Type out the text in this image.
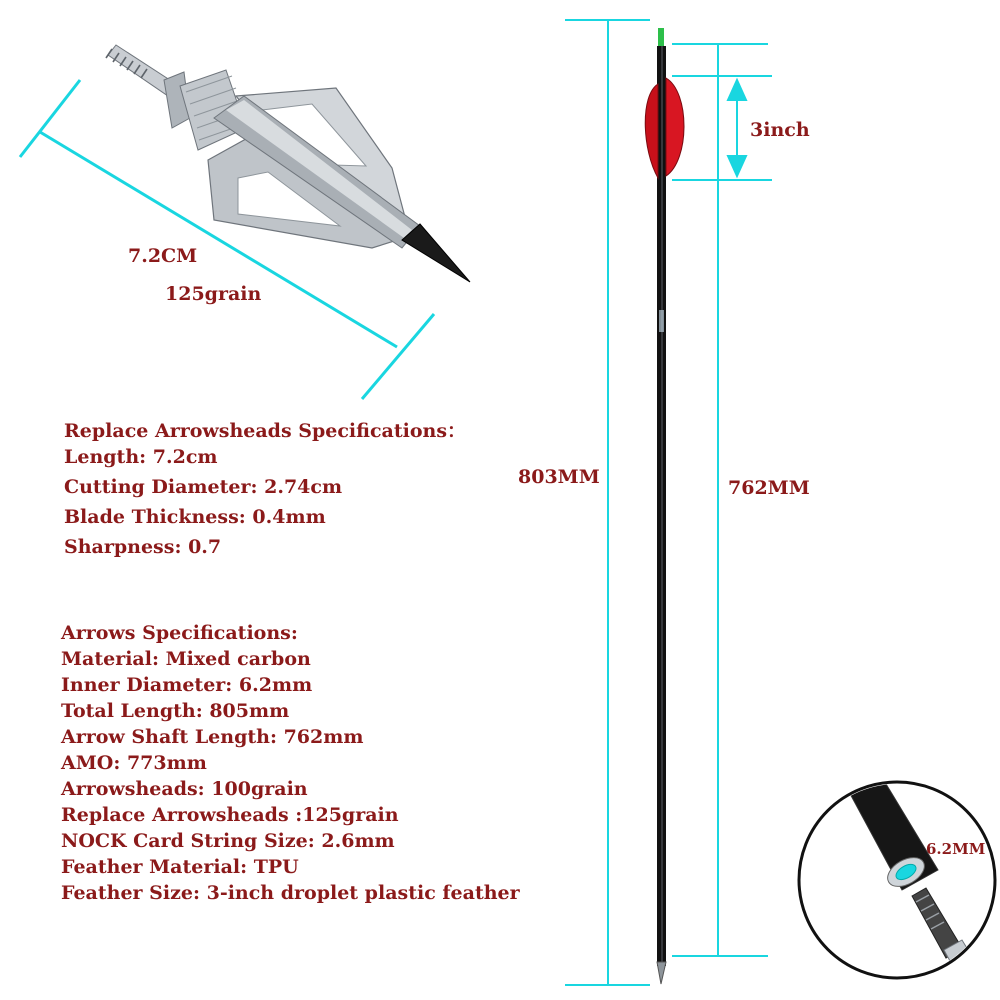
7.2CM
125grain
803MM	762MM
3inch
6.2MM
Replace Arrowsheads Specifications：
Length: 7.2cm
Cutting Diameter: 2.74cm
Blade Thickness: 0.4mm
Sharpness: 0.7
Arrows Specifications:
Material: Mixed carbon
Inner Diameter: 6.2mm
Total Length: 805mm
Arrow Shaft Length: 762mm
AMO: 773mm
Arrowsheads: 100grain
Replace Arrowsheads :125grain
NOCK Card String Size: 2.6mm
Feather Material: TPU
Feather Size: 3-inch droplet plastic feather
